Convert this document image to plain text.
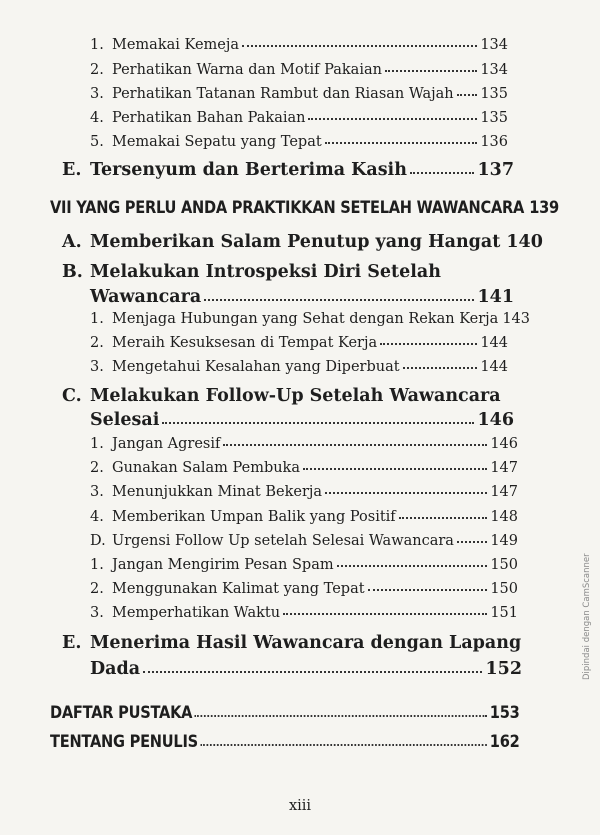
1. Memakai Kemeja	134
2. Perhatikan Warna dan Motif Pakaian	134
3. Perhatikan Tatanan Rambut dan Riasan Wajah 135
4. Perhatikan Bahan Pakaian	135
5. Memakai Sepatu yang Tepat	136
E. Tersenyum dan Berterima Kasih	137
VII YANG PERLU ANDA PRAKTIKKAN SETELAH WAWANCARA 139
A. Memberikan Salam Penutup yang Hangat 140
B. Melakukan Introspeksi Diri Setelah
Wawancara	141
1. Menjaga Hubungan yang Sehat dengan Rekan Kerja 143
2. Meraih Kesuksesan di Tempat Kerja	144
3. Mengetahui Kesalahan yang Diperbuat	144
C. Melakukan Follow-Up Setelah Wawancara
Selesai	146
1. Jangan Agresif	146
2. Gunakan Salam Pembuka	147
3. Menunjukkan Minat Bekerja	147
4. Memberikan Umpan Balik yang Positif	148
D. Urgensi Follow Up setelah Selesai Wawancara	149
1. Jangan Mengirim Pesan Spam	150
2. Menggunakan Kalimat yang Tepat	150
3. Memperhatikan Waktu	151
E. Menerima Hasil Wawancara dengan Lapang
Dada	152
DAFTAR PUSTAKA	153
TENTANG PENULIS	162
xiii
Dipindai dengan CamScanner
